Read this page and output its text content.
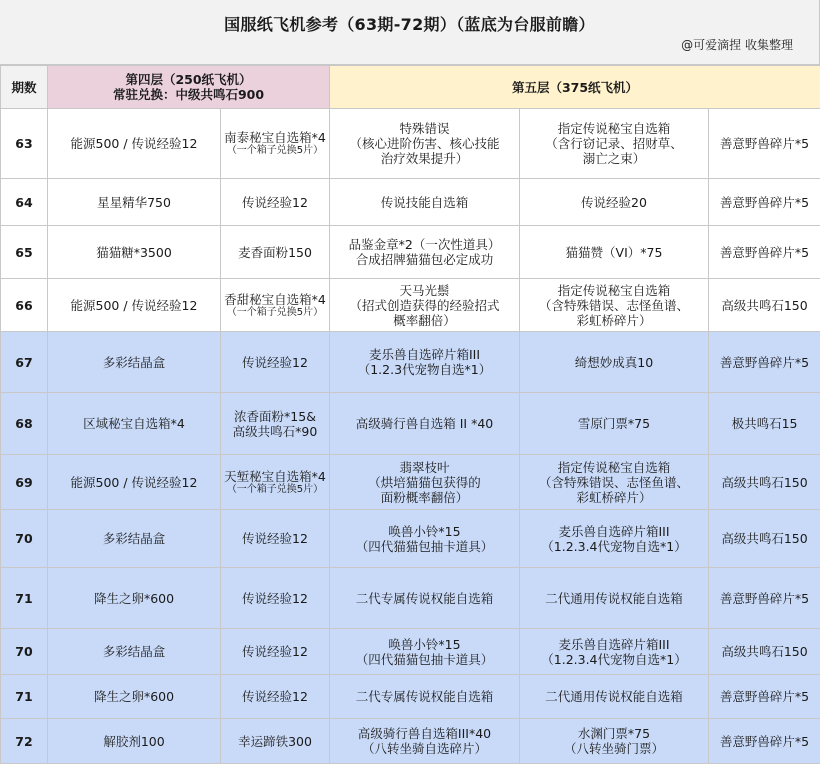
国服纸飞机参考（63期-72期）（蓝底为台服前瞻）
@可爱滴捏 收集整理
期数	第四层（250纸飞机）
常驻兑换：中级共鸣石900		第五层（375纸飞机）		
63	能源500 / 传说经验12	南泰秘宝自选箱*4
（一个箱子兑换5片）	特殊错误
（核心进阶伤害、核心技能
治疗效果提升）	指定传说秘宝自选箱
（含行窃记录、招财草、
溺亡之束）	善意野兽碎片*5
64	星星精华750	传说经验12	传说技能自选箱	传说经验20	善意野兽碎片*5
65	猫猫糖*3500	麦香面粉150	品鉴金章*2（一次性道具）
合成招牌猫猫包必定成功	猫猫赞（VI）*75	善意野兽碎片*5
66	能源500 / 传说经验12	香甜秘宝自选箱*4
（一个箱子兑换5片）	天马光鬃
（招式创造获得的经验招式
概率翻倍）	指定传说秘宝自选箱
（含特殊错误、志怪鱼谱、
彩虹桥碎片）	高级共鸣石150
67	多彩结晶盒	传说经验12	麦乐兽自选碎片箱III
（1.2.3代宠物自选*1）	绮想妙成真10	善意野兽碎片*5
68	区域秘宝自选箱*4	浓香面粉*15&
高级共鸣石*90	高级骑行兽自选箱 II *40	雪原门票*75	极共鸣石15
69	能源500 / 传说经验12	天堑秘宝自选箱*4
（一个箱子兑换5片）	翡翠枝叶
（烘培猫猫包获得的
面粉概率翻倍）	指定传说秘宝自选箱
（含特殊错误、志怪鱼谱、
彩虹桥碎片）	高级共鸣石150
70	多彩结晶盒	传说经验12	唤兽小铃*15
（四代猫猫包抽卡道具）	麦乐兽自选碎片箱III
（1.2.3.4代宠物自选*1）	高级共鸣石150
71	降生之卵*600	传说经验12	二代专属传说权能自选箱	二代通用传说权能自选箱	善意野兽碎片*5
70	多彩结晶盒	传说经验12	唤兽小铃*15
（四代猫猫包抽卡道具）	麦乐兽自选碎片箱III
（1.2.3.4代宠物自选*1）	高级共鸣石150
71	降生之卵*600	传说经验12	二代专属传说权能自选箱	二代通用传说权能自选箱	善意野兽碎片*5
72	解胶剂100	幸运蹄铁300	高级骑行兽自选箱III*40
（八转坐骑自选碎片）	水渊门票*75
（八转坐骑门票）	善意野兽碎片*5
